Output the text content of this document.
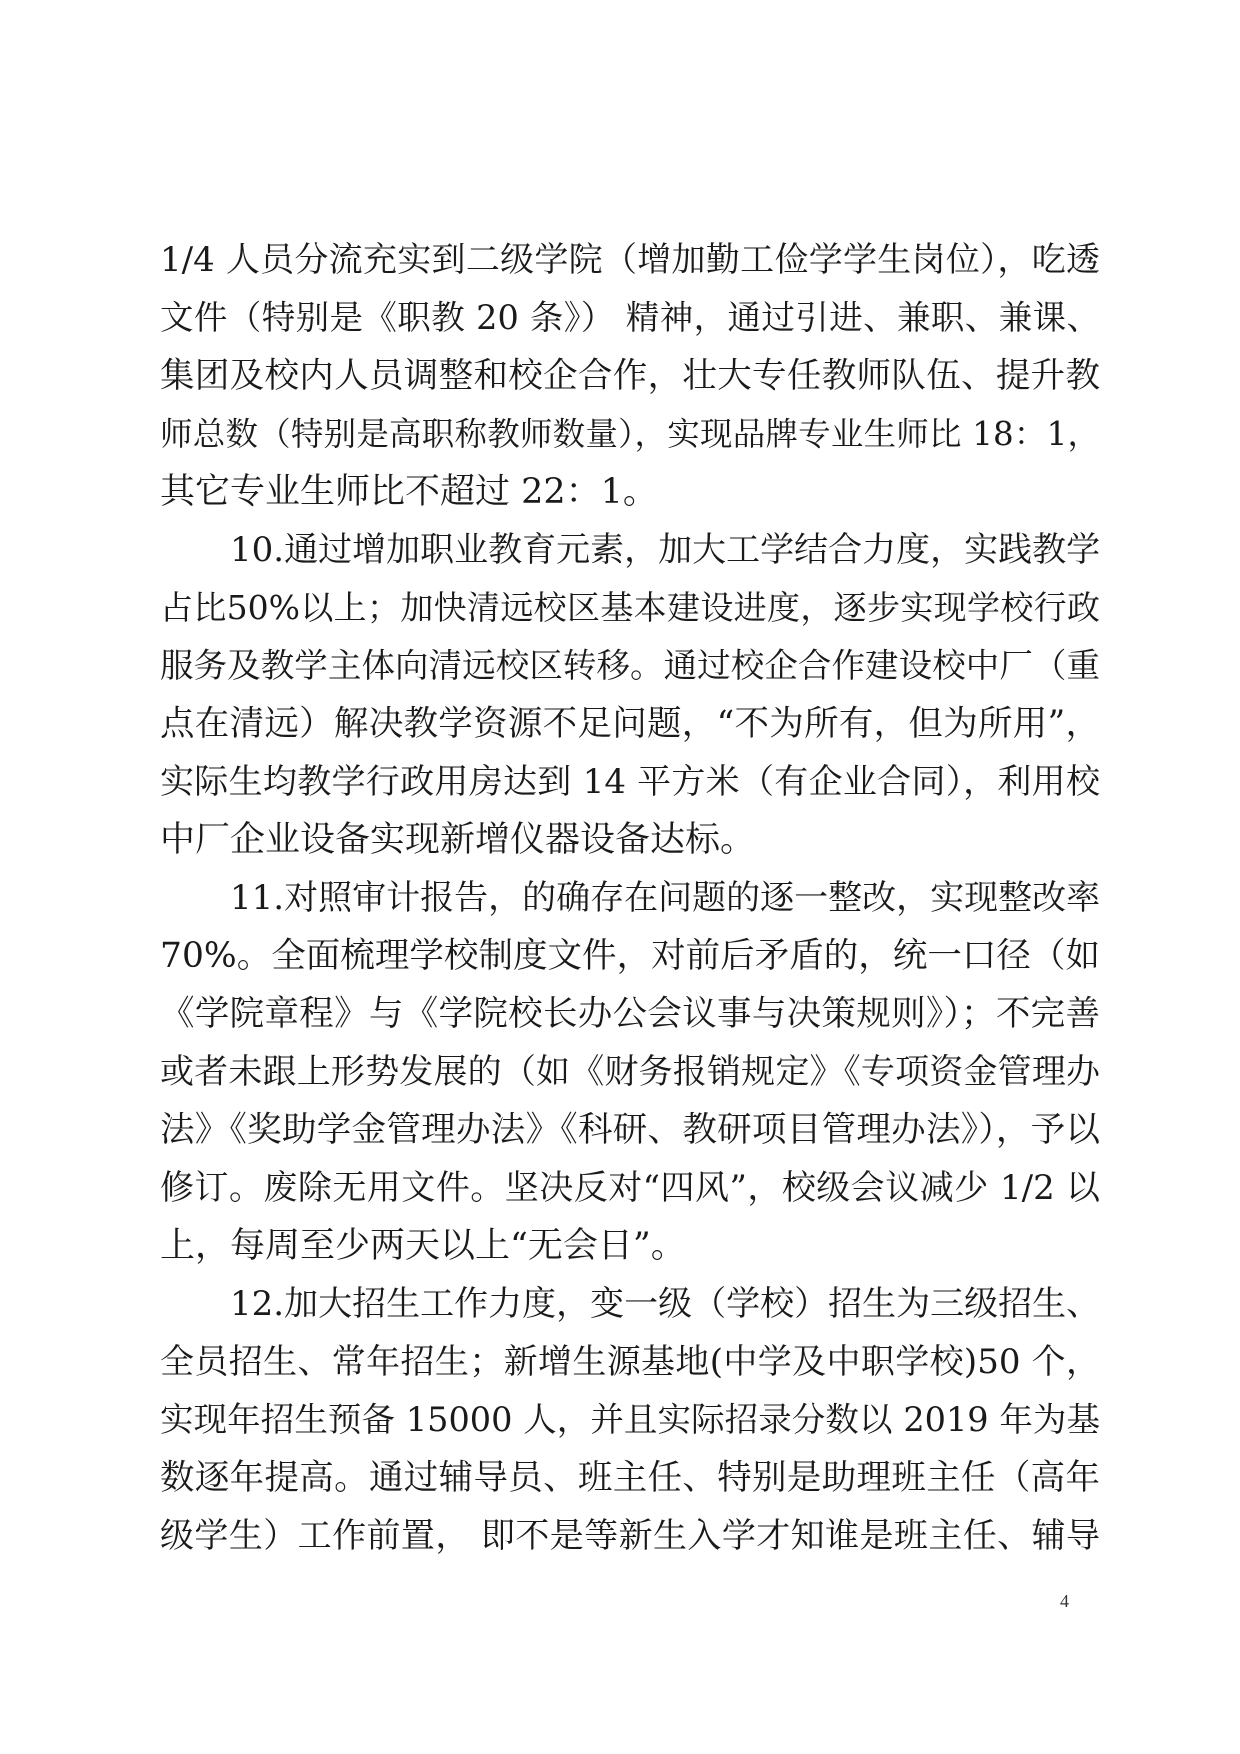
1/4 人员分流充实到二级学院（增加勤工俭学学生岗位），吃透
文件（特别是《职教 20 条》） 精神，通过引进、兼职、兼课、
集团及校内人员调整和校企合作，壮大专任教师队伍、提升教
师总数（特别是高职称教师数量），实现品牌专业生师比 18：1，
其它专业生师比不超过 22：1。
10.通过增加职业教育元素，加大工学结合力度，实践教学
占比50%以上；加快清远校区基本建设进度，逐步实现学校行政
服务及教学主体向清远校区转移。通过校企合作建设校中厂（重
点在清远）解决教学资源不足问题，“不为所有，但为所用”，
实际生均教学行政用房达到 14 平方米（有企业合同），利用校
中厂企业设备实现新增仪器设备达标。
11.对照审计报告，的确存在问题的逐一整改，实现整改率
70%。全面梳理学校制度文件，对前后矛盾的，统一口径（如
《学院章程》与《学院校长办公会议事与决策规则》）；不完善
或者未跟上形势发展的（如《财务报销规定》《专项资金管理办
法》《奖助学金管理办法》《科研、教研项目管理办法》），予以
修订。废除无用文件。坚决反对“四风”，校级会议减少 1/2 以
上，每周至少两天以上“无会日”。
12.加大招生工作力度，变一级（学校）招生为三级招生、
全员招生、常年招生；新增生源基地(中学及中职学校)50 个，
实现年招生预备 15000 人，并且实际招录分数以 2019 年为基
数逐年提高。通过辅导员、班主任、特别是助理班主任（高年
级学生）工作前置， 即不是等新生入学才知谁是班主任、辅导
4
